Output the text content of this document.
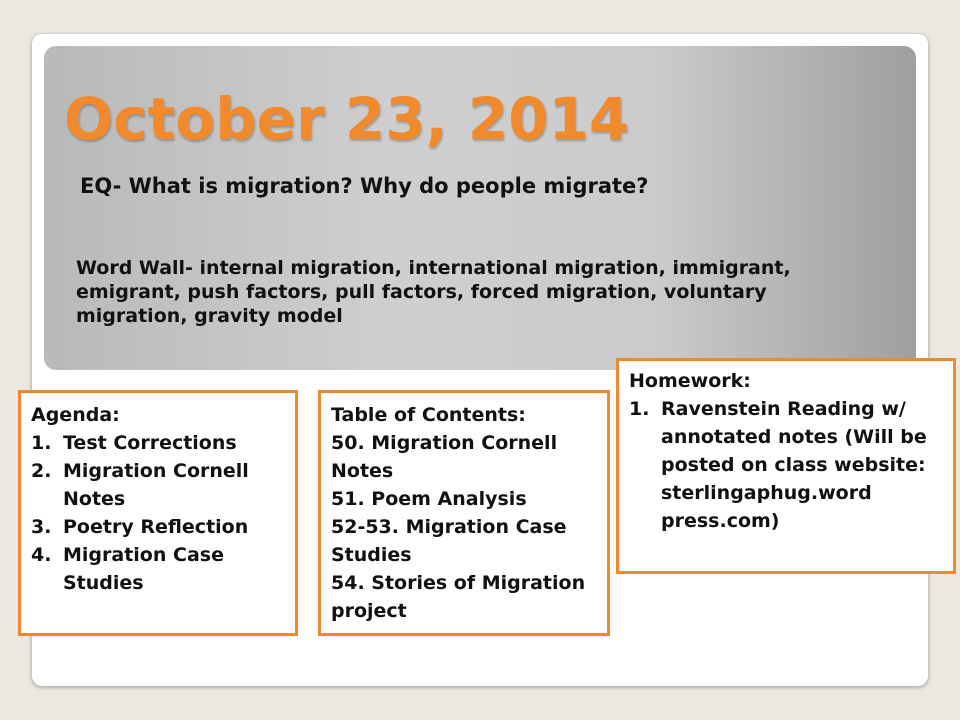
October 23, 2014
EQ- What is migration? Why do people migrate?
Word Wall- internal migration, international migration, immigrant, emigrant, push factors, pull factors, forced migration, voluntary migration, gravity model
Agenda:
1. Test Corrections
2. Migration Cornell Notes
3. Poetry Reflection
4. Migration Case Studies
Table of Contents:
50. Migration Cornell Notes
51. Poem Analysis
52-53. Migration Case Studies
54. Stories of Migration project
Homework:
1. Ravenstein Reading w/ annotated notes (Will be posted on class website: sterlingaphug.word press.com)
